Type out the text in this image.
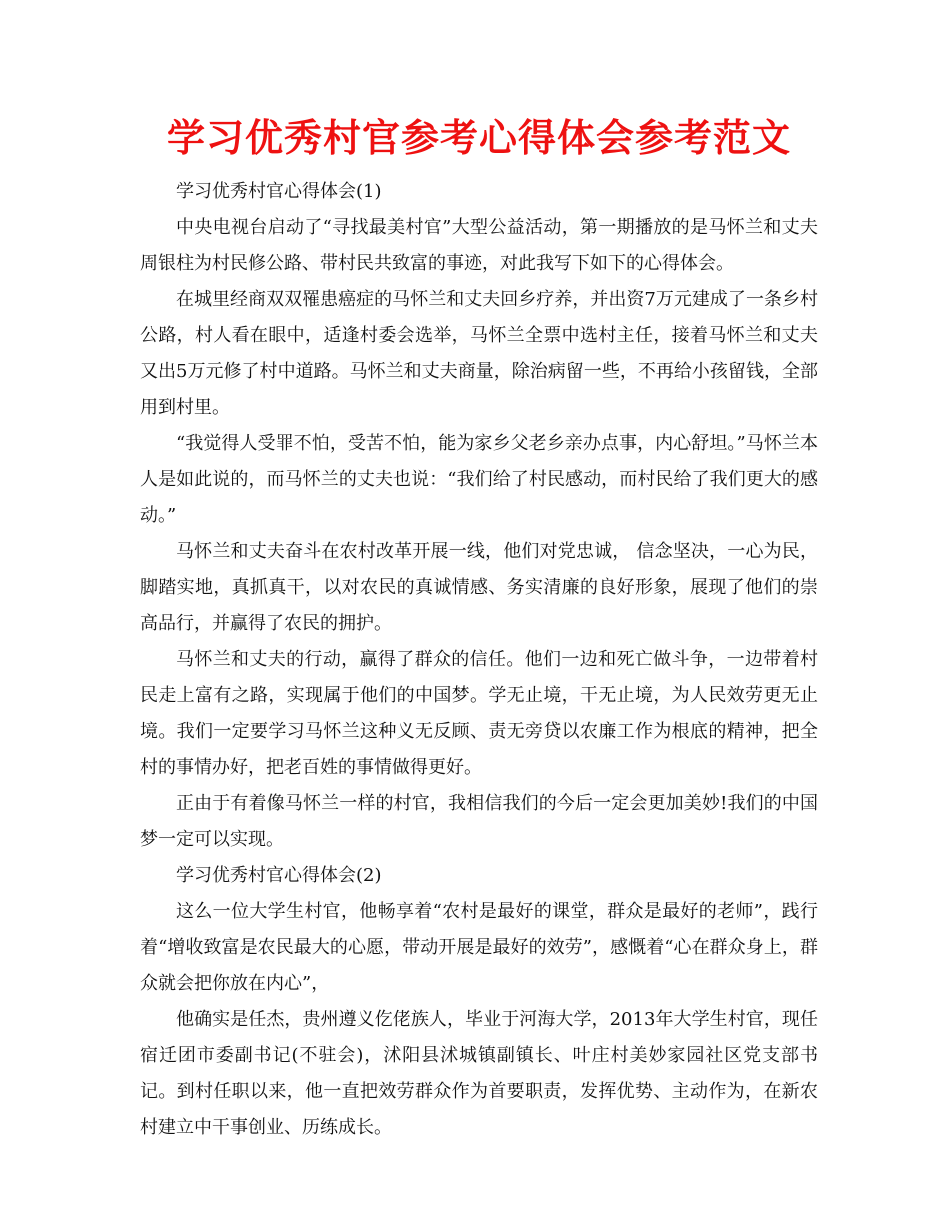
学习优秀村官参考心得体会参考范文

学习优秀村官心得体会(1)

中央电视台启动了“寻找最美村官”大型公益活动，第一期播放的是马怀兰和丈夫周银柱为村民修公路、带村民共致富的事迹，对此我写下如下的心得体会。

在城里经商双双罹患癌症的马怀兰和丈夫回乡疗养，并出资7万元建成了一条乡村公路，村人看在眼中，适逢村委会选举，马怀兰全票中选村主任，接着马怀兰和丈夫又出5万元修了村中道路。马怀兰和丈夫商量，除治病留一些，不再给小孩留钱，全部用到村里。

“我觉得人受罪不怕，受苦不怕，能为家乡父老乡亲办点事，内心舒坦。”马怀兰本人是如此说的，而马怀兰的丈夫也说：“我们给了村民感动，而村民给了我们更大的感动。”

马怀兰和丈夫奋斗在农村改革开展一线，他们对党忠诚， 信念坚决，一心为民，脚踏实地，真抓真干，以对农民的真诚情感、务实清廉的良好形象，展现了他们的崇高品行，并赢得了农民的拥护。

马怀兰和丈夫的行动，赢得了群众的信任。他们一边和死亡做斗争，一边带着村民走上富有之路，实现属于他们的中国梦。学无止境，干无止境，为人民效劳更无止境。我们一定要学习马怀兰这种义无反顾、责无旁贷以农廉工作为根底的精神，把全村的事情办好，把老百姓的事情做得更好。

正由于有着像马怀兰一样的村官，我相信我们的今后一定会更加美妙!我们的中国梦一定可以实现。

学习优秀村官心得体会(2)

这么一位大学生村官，他畅享着“农村是最好的课堂，群众是最好的老师”，践行着“增收致富是农民最大的心愿，带动开展是最好的效劳”，感慨着“心在群众身上，群众就会把你放在内心”，

他确实是任杰，贵州遵义仡佬族人，毕业于河海大学，2013年大学生村官，现任宿迁团市委副书记(不驻会)，沭阳县沭城镇副镇长、叶庄村美妙家园社区党支部书记。到村任职以来，他一直把效劳群众作为首要职责，发挥优势、主动作为，在新农村建立中干事创业、历练成长。
